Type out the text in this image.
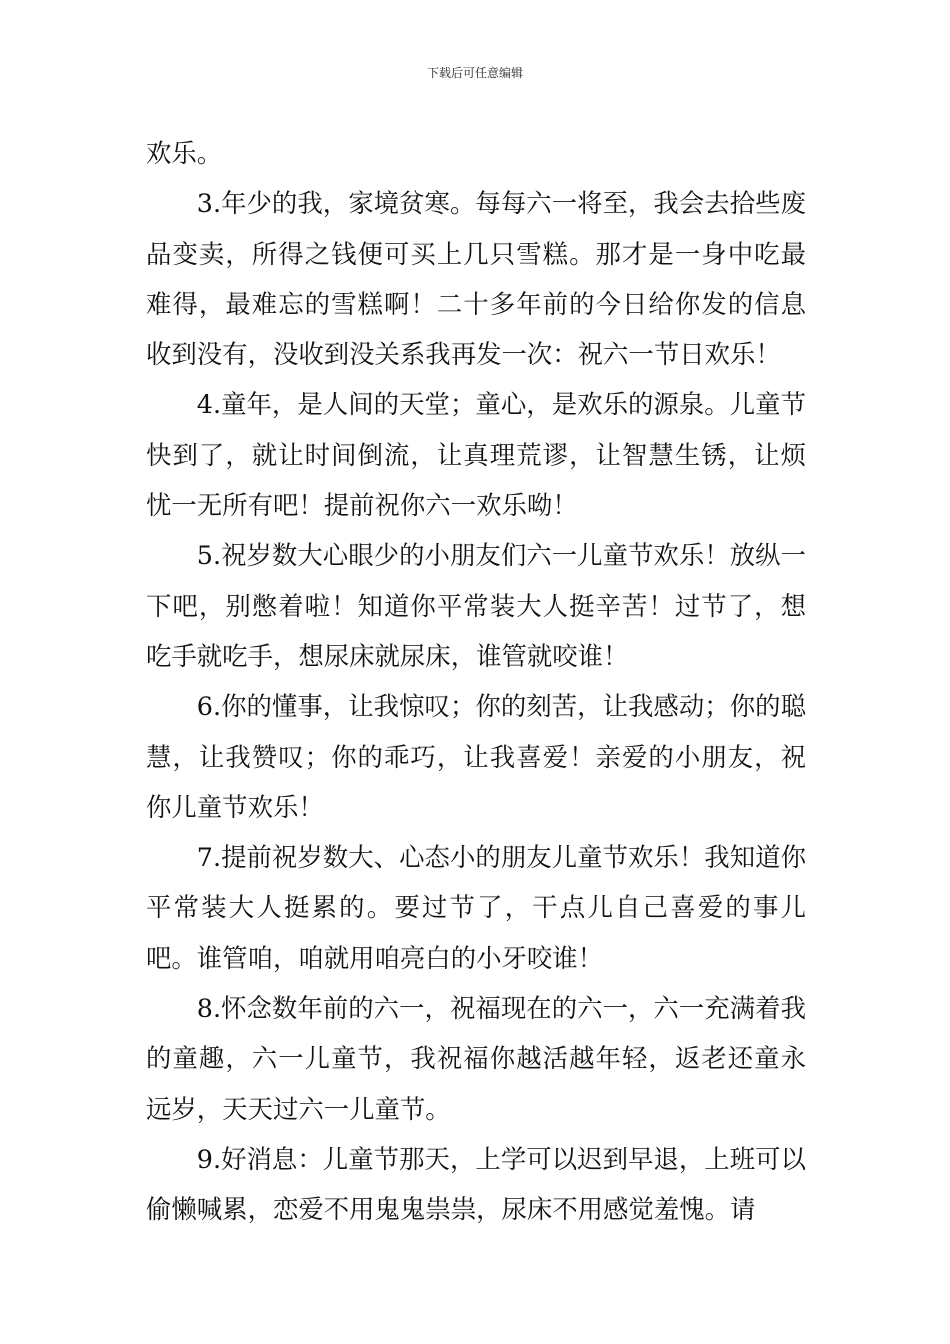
下载后可任意编辑

欢乐。

3.年少的我，家境贫寒。每每六一将至，我会去拾些废品变卖，所得之钱便可买上几只雪糕。那才是一身中吃最难得，最难忘的雪糕啊！二十多年前的今日给你发的信息收到没有，没收到没关系我再发一次：祝六一节日欢乐！

4.童年，是人间的天堂；童心，是欢乐的源泉。儿童节快到了，就让时间倒流，让真理荒谬，让智慧生锈，让烦忧一无所有吧！提前祝你六一欢乐呦！

5.祝岁数大心眼少的小朋友们六一儿童节欢乐！放纵一下吧，别憋着啦！知道你平常装大人挺辛苦！过节了，想吃手就吃手，想尿床就尿床，谁管就咬谁！

6.你的懂事，让我惊叹；你的刻苦，让我感动；你的聪慧，让我赞叹；你的乖巧，让我喜爱！亲爱的小朋友，祝你儿童节欢乐！

7.提前祝岁数大、心态小的朋友儿童节欢乐！我知道你平常装大人挺累的。要过节了，干点儿自己喜爱的事儿吧。谁管咱，咱就用咱亮白的小牙咬谁！

8.怀念数年前的六一，祝福现在的六一，六一充满着我的童趣，六一儿童节，我祝福你越活越年轻，返老还童永远岁，天天过六一儿童节。

9.好消息：儿童节那天，上学可以迟到早退，上班可以偷懒喊累，恋爱不用鬼鬼祟祟，尿床不用感觉羞愧。请
